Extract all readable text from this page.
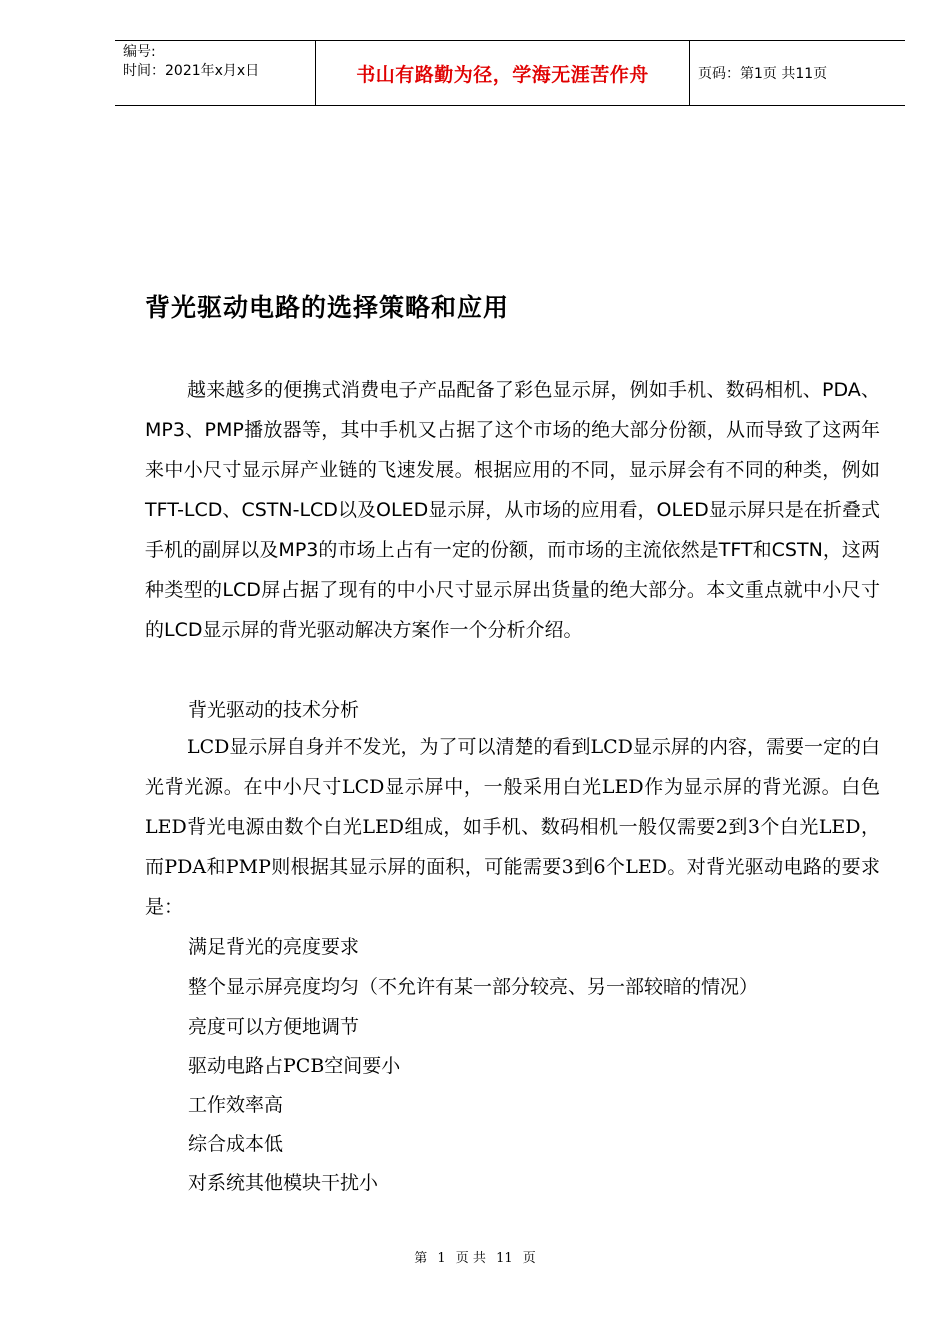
编号:
时间：2021年x月x日	书山有路勤为径，学海无涯苦作舟	页码：第1页 共11页
背光驱动电路的选择策略和应用
越来越多的便携式消费电子产品配备了彩色显示屏，例如手机、数码相机、PDA、MP3、PMP播放器等，其中手机又占据了这个市场的绝大部分份额，从而导致了这两年来中小尺寸显示屏产业链的飞速发展。根据应用的不同，显示屏会有不同的种类，例如TFT-LCD、CSTN-LCD以及OLED显示屏，从市场的应用看，OLED显示屏只是在折叠式手机的副屏以及MP3的市场上占有一定的份额，而市场的主流依然是TFT和CSTN，这两种类型的LCD屏占据了现有的中小尺寸显示屏出货量的绝大部分。本文重点就中小尺寸的LCD显示屏的背光驱动解决方案作一个分析介绍。
背光驱动的技术分析
LCD显示屏自身并不发光，为了可以清楚的看到LCD显示屏的内容，需要一定的白光背光源。在中小尺寸LCD显示屏中，一般采用白光LED作为显示屏的背光源。白色LED背光电源由数个白光LED组成，如手机、数码相机一般仅需要2到3个白光LED，而PDA和PMP则根据其显示屏的面积，可能需要3到6个LED。对背光驱动电路的要求是：
满足背光的亮度要求
整个显示屏亮度均匀（不允许有某一部分较亮、另一部较暗的情况）
亮度可以方便地调节
驱动电路占PCB空间要小
工作效率高
综合成本低
对系统其他模块干扰小
第 1 页 共 11 页
